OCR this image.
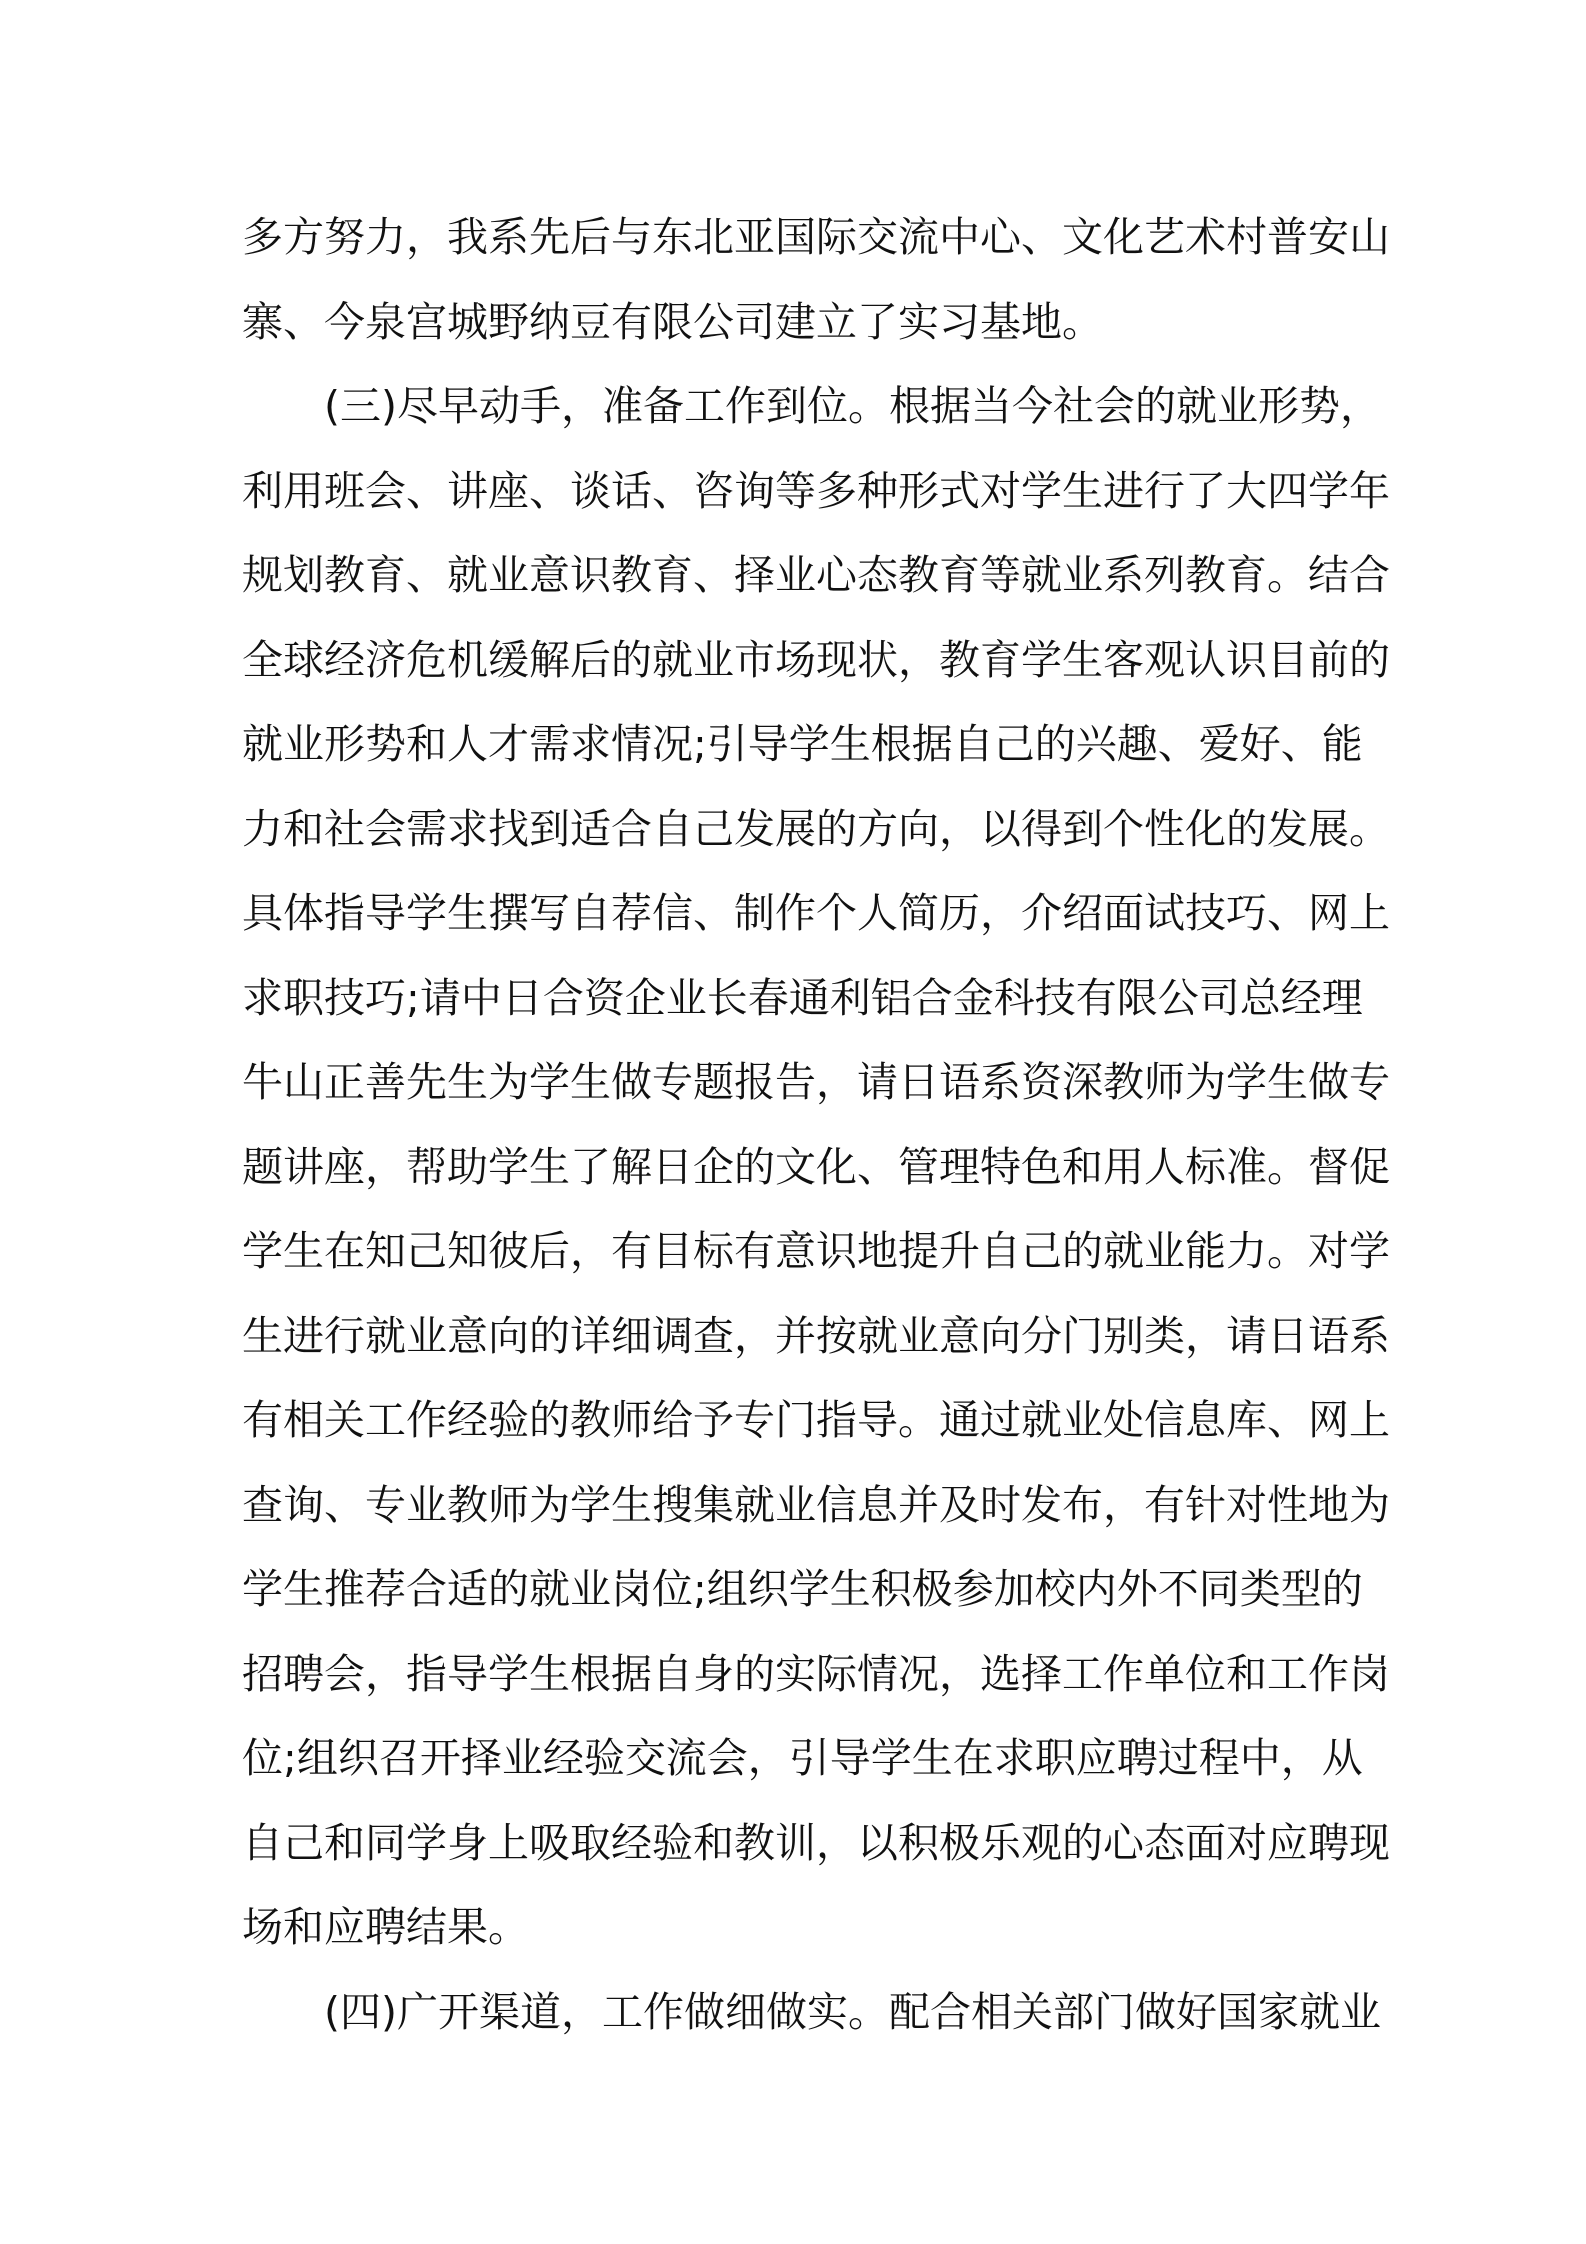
多方努力，我系先后与东北亚国际交流中心、文化艺术村普安山
寨、今泉宫城野纳豆有限公司建立了实习基地。
(三)尽早动手，准备工作到位。根据当今社会的就业形势，
利用班会、讲座、谈话、咨询等多种形式对学生进行了大四学年
规划教育、就业意识教育、择业心态教育等就业系列教育。结合
全球经济危机缓解后的就业市场现状，教育学生客观认识目前的
就业形势和人才需求情况;引导学生根据自己的兴趣、爱好、能
力和社会需求找到适合自己发展的方向，以得到个性化的发展。
具体指导学生撰写自荐信、制作个人简历，介绍面试技巧、网上
求职技巧;请中日合资企业长春通利铝合金科技有限公司总经理
牛山正善先生为学生做专题报告，请日语系资深教师为学生做专
题讲座，帮助学生了解日企的文化、管理特色和用人标准。督促
学生在知己知彼后，有目标有意识地提升自己的就业能力。对学
生进行就业意向的详细调查，并按就业意向分门别类，请日语系
有相关工作经验的教师给予专门指导。通过就业处信息库、网上
查询、专业教师为学生搜集就业信息并及时发布，有针对性地为
学生推荐合适的就业岗位;组织学生积极参加校内外不同类型的
招聘会，指导学生根据自身的实际情况，选择工作单位和工作岗
位;组织召开择业经验交流会，引导学生在求职应聘过程中，从
自己和同学身上吸取经验和教训，以积极乐观的心态面对应聘现
场和应聘结果。
(四)广开渠道，工作做细做实。配合相关部门做好国家就业
